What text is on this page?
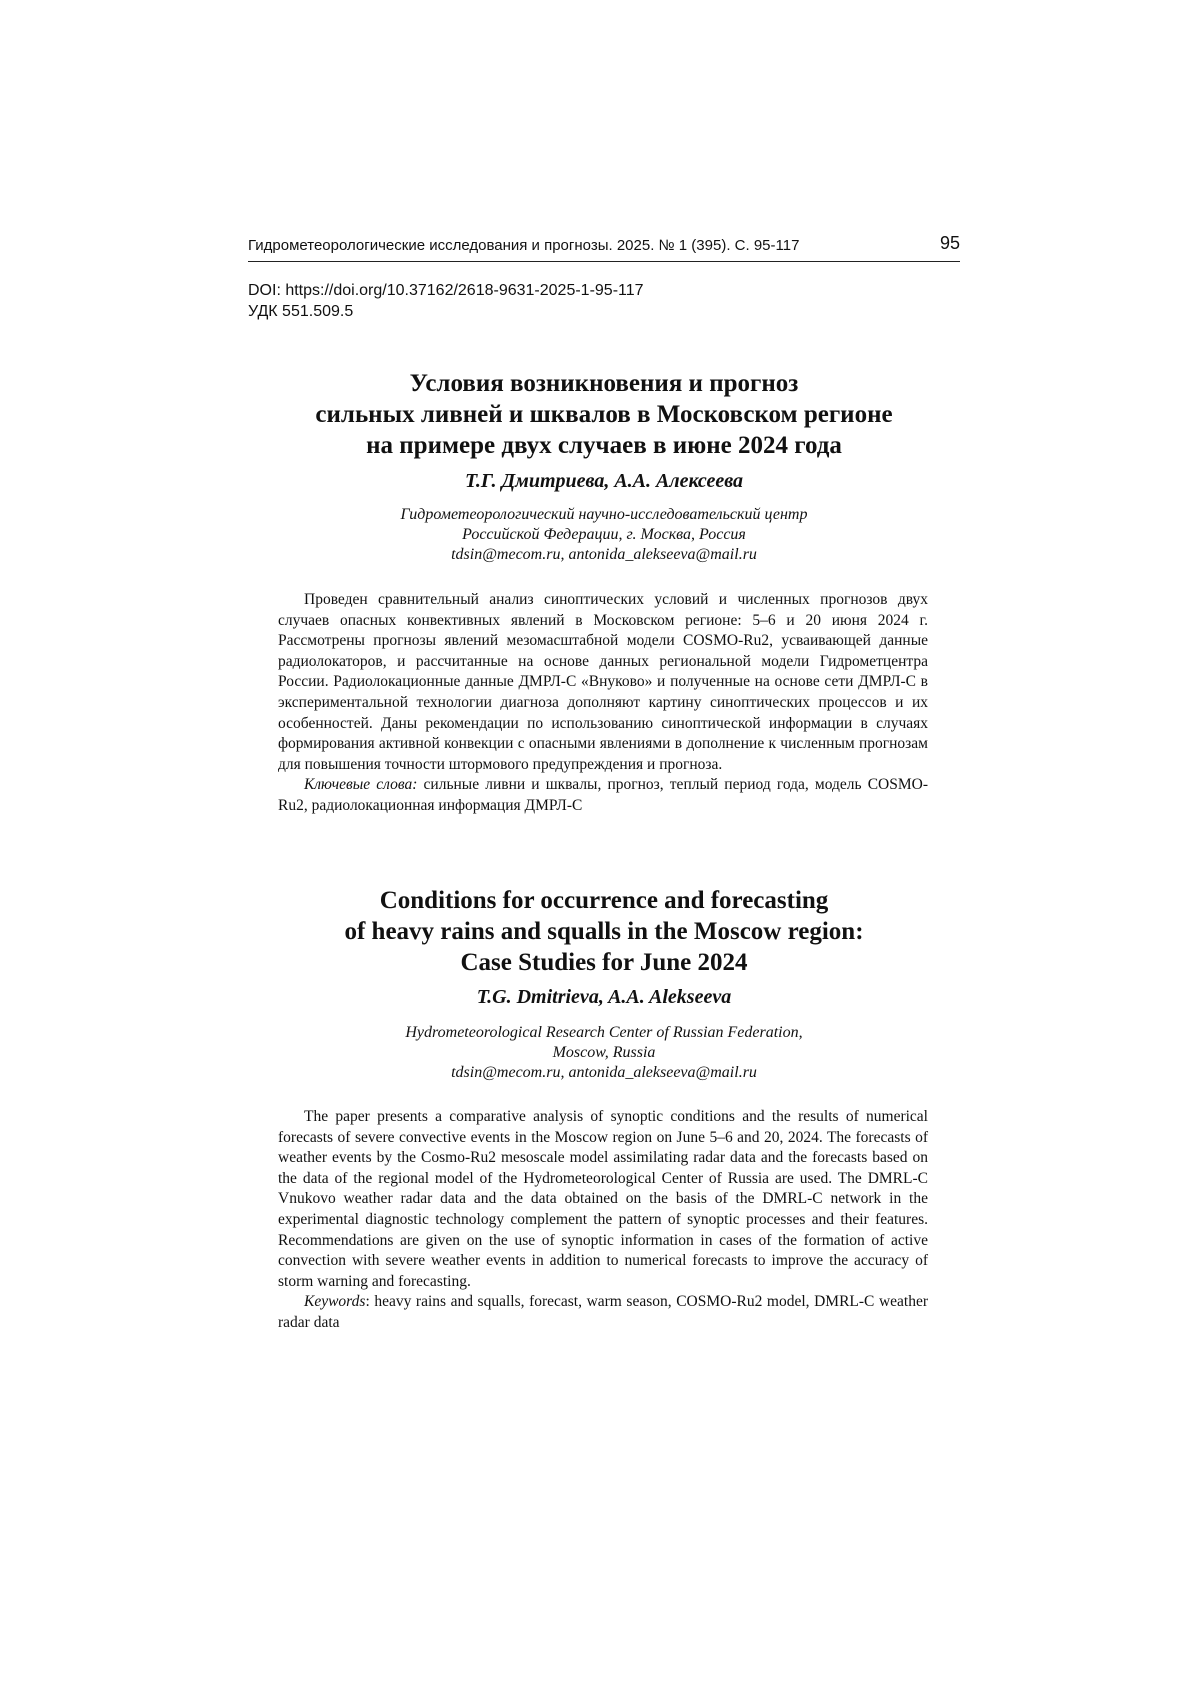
Гидрометеорологические исследования и прогнозы. 2025. № 1 (395). С. 95-117	95
DOI: https://doi.org/10.37162/2618-9631-2025-1-95-117
УДК 551.509.5
Условия возникновения и прогноз
сильных ливней и шквалов в Московском регионе
на примере двух случаев в июне 2024 года
Т.Г. Дмитриева, А.А. Алексеева
Гидрометеорологический научно-исследовательский центр
Российской Федерации, г. Москва, Россия
tdsin@mecom.ru, antonida_alekseeva@mail.ru

Проведен сравнительный анализ синоптических условий и численных прогнозов двух случаев опасных конвективных явлений в Московском регионе: 5–6 и 20 июня 2024 г. Рассмотрены прогнозы явлений мезомасштабной модели COSMO-Ru2, усваивающей данные радиолокаторов, и рассчитанные на основе данных региональной модели Гидрометцентра России. Радиолокационные данные ДМРЛ-С «Внуково» и полученные на основе сети ДМРЛ-С в экспериментальной технологии диагноза дополняют картину синоптических процессов и их особенностей. Даны рекомендации по использованию синоптической информации в случаях формирования активной конвекции с опасными явлениями в дополнение к численным прогнозам для повышения точности штормового предупреждения и прогноза.

Ключевые слова: сильные ливни и шквалы, прогноз, теплый период года, модель COSMO-Ru2, радиолокационная информация ДМРЛ-С

Conditions for occurrence and forecasting
of heavy rains and squalls in the Moscow region:
Case Studies for June 2024
T.G. Dmitrieva, A.A. Alekseeva
Hydrometeorological Research Center of Russian Federation,
Moscow, Russia
tdsin@mecom.ru, antonida_alekseeva@mail.ru

The paper presents a comparative analysis of synoptic conditions and the results of numerical forecasts of severe convective events in the Moscow region on June 5–6 and 20, 2024. The forecasts of weather events by the Cosmo-Ru2 mesoscale model assimilating radar data and the forecasts based on the data of the regional model of the Hydrometeorological Center of Russia are used. The DMRL-C Vnukovo weather radar data and the data obtained on the basis of the DMRL-C network in the experimental diagnostic technology complement the pattern of synoptic processes and their features. Recommendations are given on the use of synoptic information in cases of the formation of active convection with severe weather events in addition to numerical forecasts to improve the accuracy of storm warning and forecasting.

Keywords: heavy rains and squalls, forecast, warm season, COSMO-Ru2 model, DMRL-C weather radar data
